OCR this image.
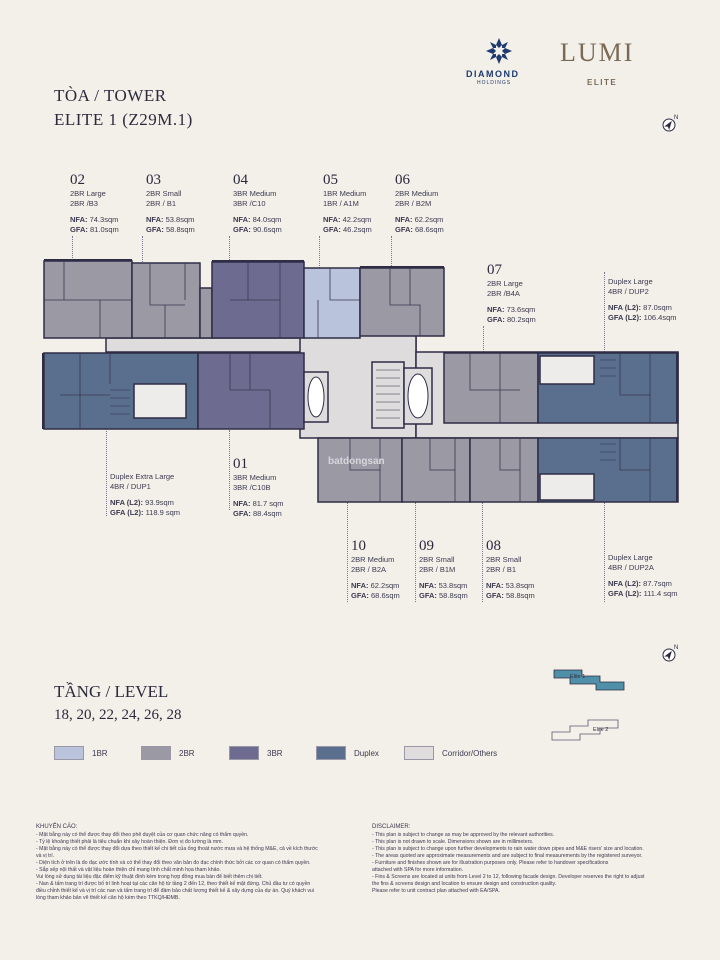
DIAMOND
HOLDINGS
LUMI
ELITE
TÒA / TOWER
ELITE 1 (Z29M.1)	N
N
02
2BR Large
2BR /B3
NFA: 74.3sqm
GFA: 81.0sqm
03
2BR Small
2BR / B1
NFA: 53.8sqm
GFA: 58.8sqm
04
3BR Medium
3BR /C10
NFA: 84.0sqm
GFA: 90.6sqm
05
1BR Medium
1BR / A1M
NFA: 42.2sqm
GFA: 46.2sqm
06
2BR Medium
2BR / B2M
NFA: 62.2sqm
GFA: 68.6sqm
07
2BR Large
2BR /B4A
NFA: 73.6sqm
GFA: 80.2sqm
Duplex Large
4BR / DUP2
NFA (L2): 87.0sqm
GFA (L2): 106.4sqm
Duplex Extra Large
4BR / DUP1
NFA (L2): 93.9sqm
GFA (L2): 118.9 sqm
01
3BR Medium
3BR /C10B
NFA: 81.7 sqm
GFA: 88.4sqm
10
2BR Medium
2BR / B2A
NFA: 62.2sqm
GFA: 68.6sqm
09
2BR Small
2BR / B1M
NFA: 53.8sqm
GFA: 58.8sqm
08
2BR Small
2BR / B1
NFA: 53.8sqm
GFA: 58.8sqm
Duplex Large
4BR / DUP2A
NFA (L2): 87.7sqm
GFA (L2): 111.4 sqm
batdongsan
TẦNG / LEVEL
18, 20, 22, 24, 26, 28
Elite 1
Elite 2
1BR	2BR	3BR	Duplex	Corridor/Others
KHUYẾN CÁO:
- Mặt bằng này có thể được thay đổi theo phê duyệt của cơ quan chức năng có thẩm quyền.
- Tỷ lệ khoảng thiết phải là tiêu chuẩn khi xây hoàn thiện. Đơn vị đo lường là mm.
- Mặt bằng này có thể được thay đổi dựa theo thiết kế chi tiết của ống thoát nước mưa và hệ thống M&E, cả về kích thước
và vị trí.
- Diện tích ở trên là đo đạc ước tính và có thể thay đổi theo văn bản đo đạc chính thức bởi các cơ quan có thẩm quyền.
- Sắp xếp nội thất và vật liệu hoàn thiện chỉ mang tính chất minh họa tham khảo.
Vui lòng sử dụng tài liệu đặc điểm kỹ thuật đính kèm trong hợp đồng mua bán để biết thêm chi tiết.
- Nan & tấm trang trí được bố trí linh hoạt tại các căn hộ từ tầng 2 đến 12, theo thiết kế mặt đứng. Chủ đầu tư có quyền
điều chỉnh thiết kế và vị trí các nan và tấm trang trí để đảm bảo chất lượng thiết kế & xây dựng của dự án. Quý khách vui
lòng tham khảo bản vẽ thiết kế căn hộ kèm theo TTKQ/HĐMB.
DISCLAIMER:
- This plan is subject to change as may be approved by the relevant authorities.
- This plan is not drawn to scale. Dimensions shown are in millimeters.
- This plan is subject to change upon further developments to rain water down pipes and M&E risers' size and location.
- The areas quoted are approximate measurements and are subject to final measurements by the registered surveyor.
- Furniture and finishes shown are for illustration purposes only. Please refer to handover specifications
attached with SPA for more information.
- Fins & Screens are located at units from Level 2 to 12, following facade design. Developer reserves the right to adjust
the fins & screens design and location to ensure design and construction quality.
Please refer to unit contract plan attached with EA/SPA.
